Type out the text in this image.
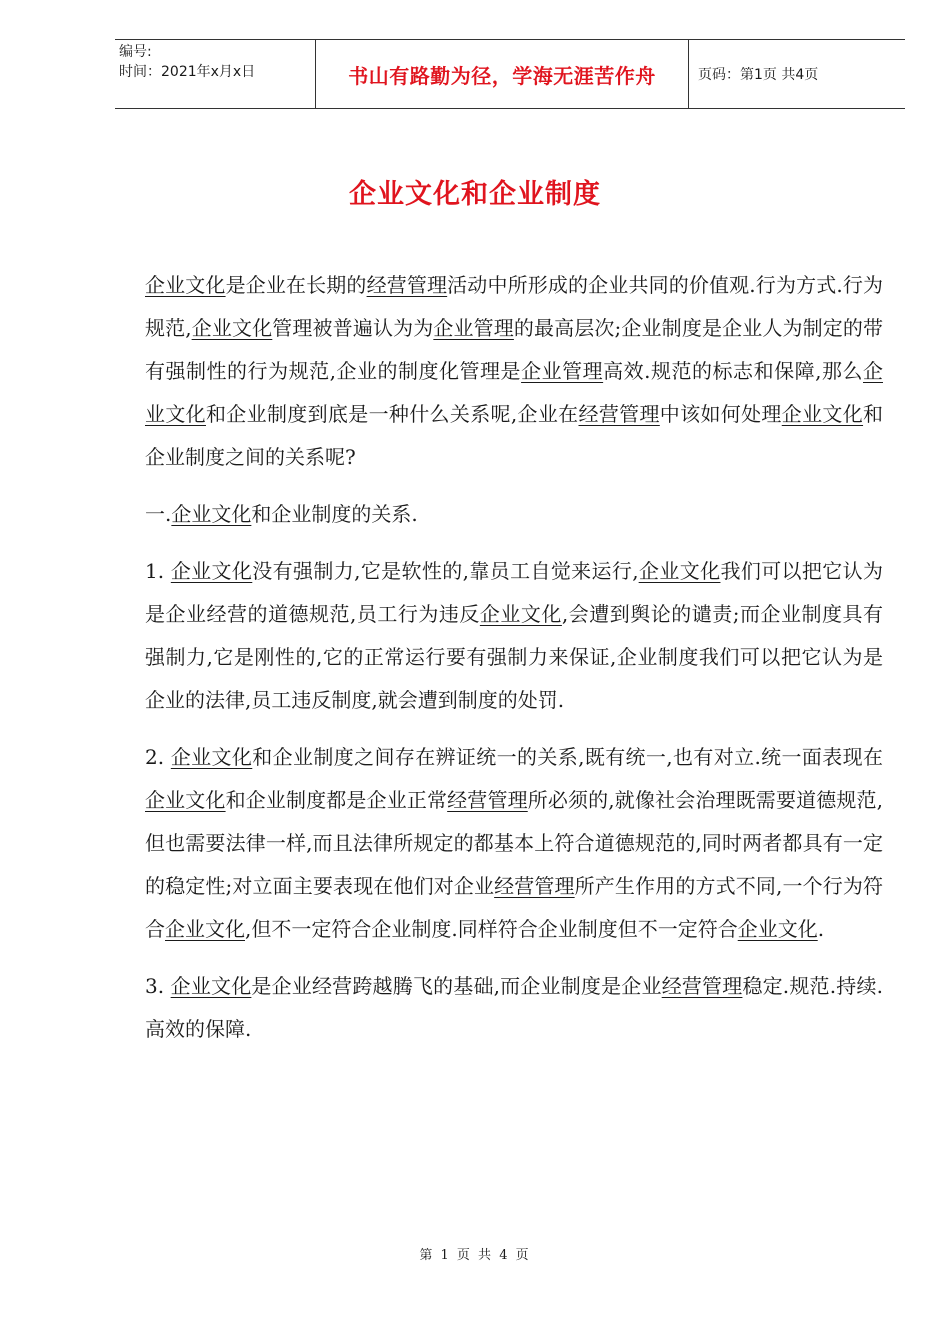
编号:
时间：2021年x月x日	书山有路勤为径，学海无涯苦作舟	页码：第1页 共4页
企业文化和企业制度

企业文化是企业在长期的经营管理活动中所形成的企业共同的价值观.行为方式.行为规范,企业文化管理被普遍认为为企业管理的最高层次;企业制度是企业人为制定的带有强制性的行为规范,企业的制度化管理是企业管理高效.规范的标志和保障,那么企业文化和企业制度到底是一种什么关系呢,企业在经营管理中该如何处理企业文化和企业制度之间的关系呢?

一.企业文化和企业制度的关系.

1. 企业文化没有强制力,它是软性的,靠员工自觉来运行,企业文化我们可以把它认为是企业经营的道德规范,员工行为违反企业文化,会遭到舆论的谴责;而企业制度具有强制力,它是刚性的,它的正常运行要有强制力来保证,企业制度我们可以把它认为是企业的法律,员工违反制度,就会遭到制度的处罚.

2. 企业文化和企业制度之间存在辨证统一的关系,既有统一,也有对立.统一面表现在企业文化和企业制度都是企业正常经营管理所必须的,就像社会治理既需要道德规范,但也需要法律一样,而且法律所规定的都基本上符合道德规范的,同时两者都具有一定的稳定性;对立面主要表现在他们对企业经营管理所产生作用的方式不同,一个行为符合企业文化,但不一定符合企业制度.同样符合企业制度但不一定符合企业文化.

3. 企业文化是企业经营跨越腾飞的基础,而企业制度是企业经营管理稳定.规范.持续.高效的保障.

第 1 页 共 4 页
